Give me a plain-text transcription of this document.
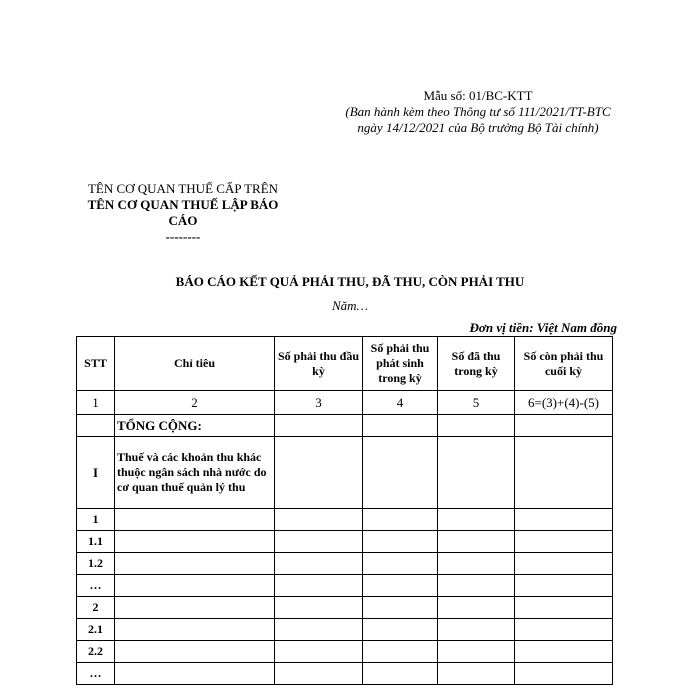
Mẫu số: 01/BC-KTT
(Ban hành kèm theo Thông tư số 111/2021/TT-BTC ngày 14/12/2021 của Bộ trưởng Bộ Tài chính)
TÊN CƠ QUAN THUẾ CẤP TRÊN
TÊN CƠ QUAN THUẾ LẬP BÁO CÁO
--------
BÁO CÁO KẾT QUẢ PHẢI THU, ĐÃ THU, CÒN PHẢI THU
Năm…
Đơn vị tiền: Việt Nam đồng
STT	Chỉ tiêu	Số phải thu đầu kỳ	Số phải thu phát sinh trong kỳ	Số đã thu trong kỳ	Số còn phải thu cuối kỳ
1	2	3	4	5	6=(3)+(4)-(5)
	TỔNG CỘNG:				
I	Thuế và các khoản thu khác thuộc ngân sách nhà nước do cơ quan thuế quản lý thu				
1					
1.1					
1.2					
…					
2					
2.1					
2.2					
…					
